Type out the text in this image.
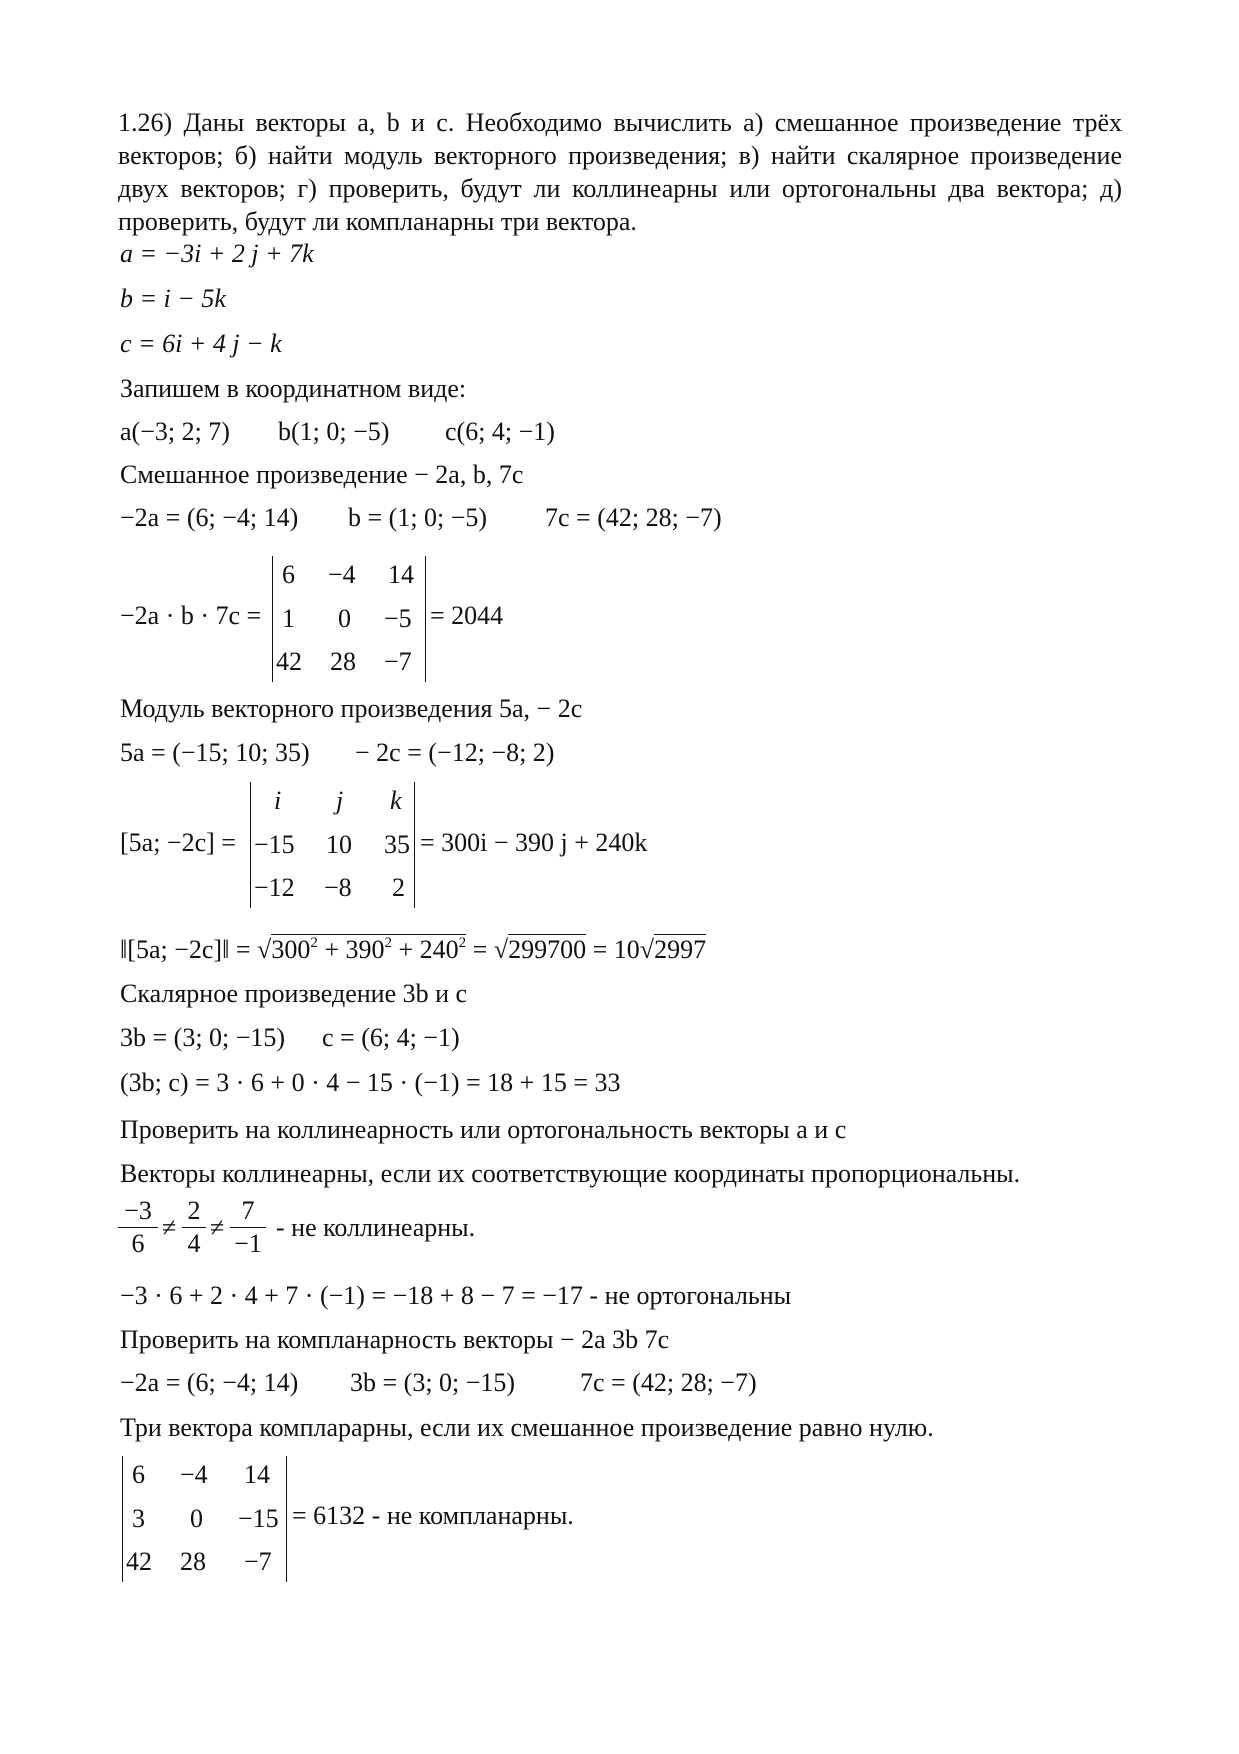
1.26) Даны векторы a, b и c. Необходимо вычислить а) смешанное произведение трёх векторов; б) найти модуль векторного произведения; в) найти скалярное произведение двух векторов; г) проверить, будут ли коллинеарны или ортогональны два вектора; д) проверить, будут ли компланарны три вектора.
a = −3i + 2 j + 7k
b = i − 5k
c = 6i + 4 j − k
Запишем в координатном виде:
a(−3; 2; 7) b(1; 0; −5) c(6; 4; −1)
Смешанное произведение − 2a, b, 7c
−2a = (6; −4; 14) b = (1; 0; −5) 7c = (42; 28; −7)
−2a · b · 7c =
6 −4 14
1 0 −5
42 28 −7
= 2044
Модуль векторного произведения 5a, − 2c
5a = (−15; 10; 35) − 2c = (−12; −8; 2)
[5a; −2c] =
i j k
−15 10 35
−12 −8 2
= 300i − 390 j + 240k
‖[5a; −2c]‖ = $√300^2 + 390^2 + 240^2 = √299700 = 10√2997$
Скалярное произведение 3b и c
3b = (3; 0; −15) c = (6; 4; −1)
(3b; c) = 3 · 6 + 0 · 4 − 15 · (−1) = 18 + 15 = 33
Проверить на коллинеарность или ортогональность векторы a и c
Векторы коллинеарны, если их соответствующие координаты пропорциональны.
−3
6
≠
2
4
≠
7
−1
- не коллинеарны.
−3 · 6 + 2 · 4 + 7 · (−1) = −18 + 8 − 7 = −17 - не ортогональны
Проверить на компланарность векторы − 2a 3b 7c
−2a = (6; −4; 14) 3b = (3; 0; −15) 7c = (42; 28; −7)
Три вектора компларарны, если их смешанное произведение равно нулю.
6 −4 14
3 0 −15
42 28 −7
= 6132 - не компланарны.
